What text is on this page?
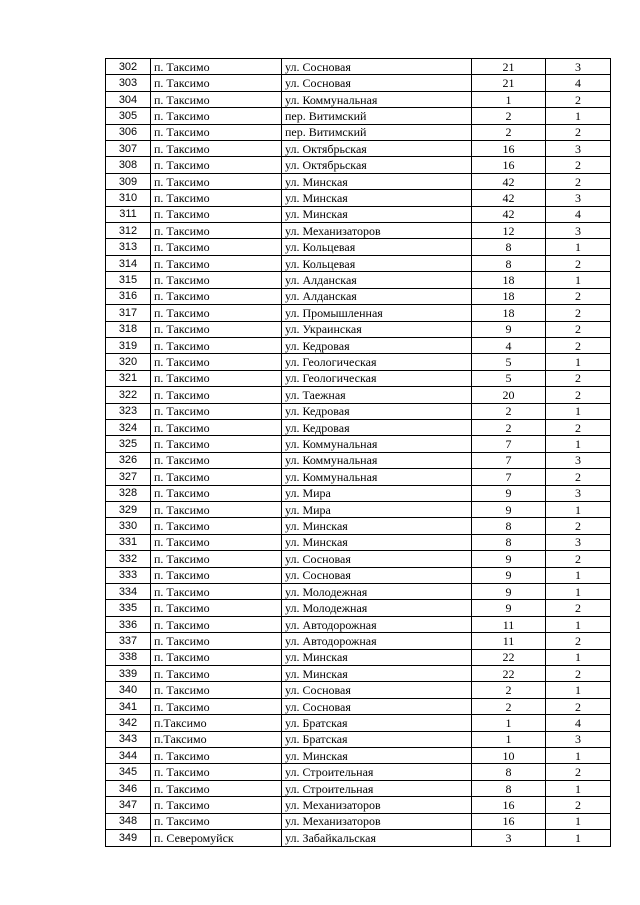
302	п. Таксимо	ул. Сосновая	21	3
303	п. Таксимо	ул. Сосновая	21	4
304	п. Таксимо	ул. Коммунальная	1	2
305	п. Таксимо	пер. Витимский	2	1
306	п. Таксимо	пер. Витимский	2	2
307	п. Таксимо	ул. Октябрьская	16	3
308	п. Таксимо	ул. Октябрьская	16	2
309	п. Таксимо	ул. Минская	42	2
310	п. Таксимо	ул. Минская	42	3
311	п. Таксимо	ул. Минская	42	4
312	п. Таксимо	ул. Механизаторов	12	3
313	п. Таксимо	ул. Кольцевая	8	1
314	п. Таксимо	ул. Кольцевая	8	2
315	п. Таксимо	ул. Алданская	18	1
316	п. Таксимо	ул. Алданская	18	2
317	п. Таксимо	ул. Промышленная	18	2
318	п. Таксимо	ул. Украинская	9	2
319	п. Таксимо	ул. Кедровая	4	2
320	п. Таксимо	ул. Геологическая	5	1
321	п. Таксимо	ул. Геологическая	5	2
322	п. Таксимо	ул. Таежная	20	2
323	п. Таксимо	ул. Кедровая	2	1
324	п. Таксимо	ул. Кедровая	2	2
325	п. Таксимо	ул. Коммунальная	7	1
326	п. Таксимо	ул. Коммунальная	7	3
327	п. Таксимо	ул. Коммунальная	7	2
328	п. Таксимо	ул. Мира	9	3
329	п. Таксимо	ул. Мира	9	1
330	п. Таксимо	ул. Минская	8	2
331	п. Таксимо	ул. Минская	8	3
332	п. Таксимо	ул. Сосновая	9	2
333	п. Таксимо	ул. Сосновая	9	1
334	п. Таксимо	ул. Молодежная	9	1
335	п. Таксимо	ул. Молодежная	9	2
336	п. Таксимо	ул. Автодорожная	11	1
337	п. Таксимо	ул. Автодорожная	11	2
338	п. Таксимо	ул. Минская	22	1
339	п. Таксимо	ул. Минская	22	2
340	п. Таксимо	ул. Сосновая	2	1
341	п. Таксимо	ул. Сосновая	2	2
342	п.Таксимо	ул. Братская	1	4
343	п.Таксимо	ул. Братская	1	3
344	п. Таксимо	ул. Минская	10	1
345	п. Таксимо	ул. Строительная	8	2
346	п. Таксимо	ул. Строительная	8	1
347	п. Таксимо	ул. Механизаторов	16	2
348	п. Таксимо	ул. Механизаторов	16	1
349	п. Северомуйск	ул. Забайкальская	3	1
